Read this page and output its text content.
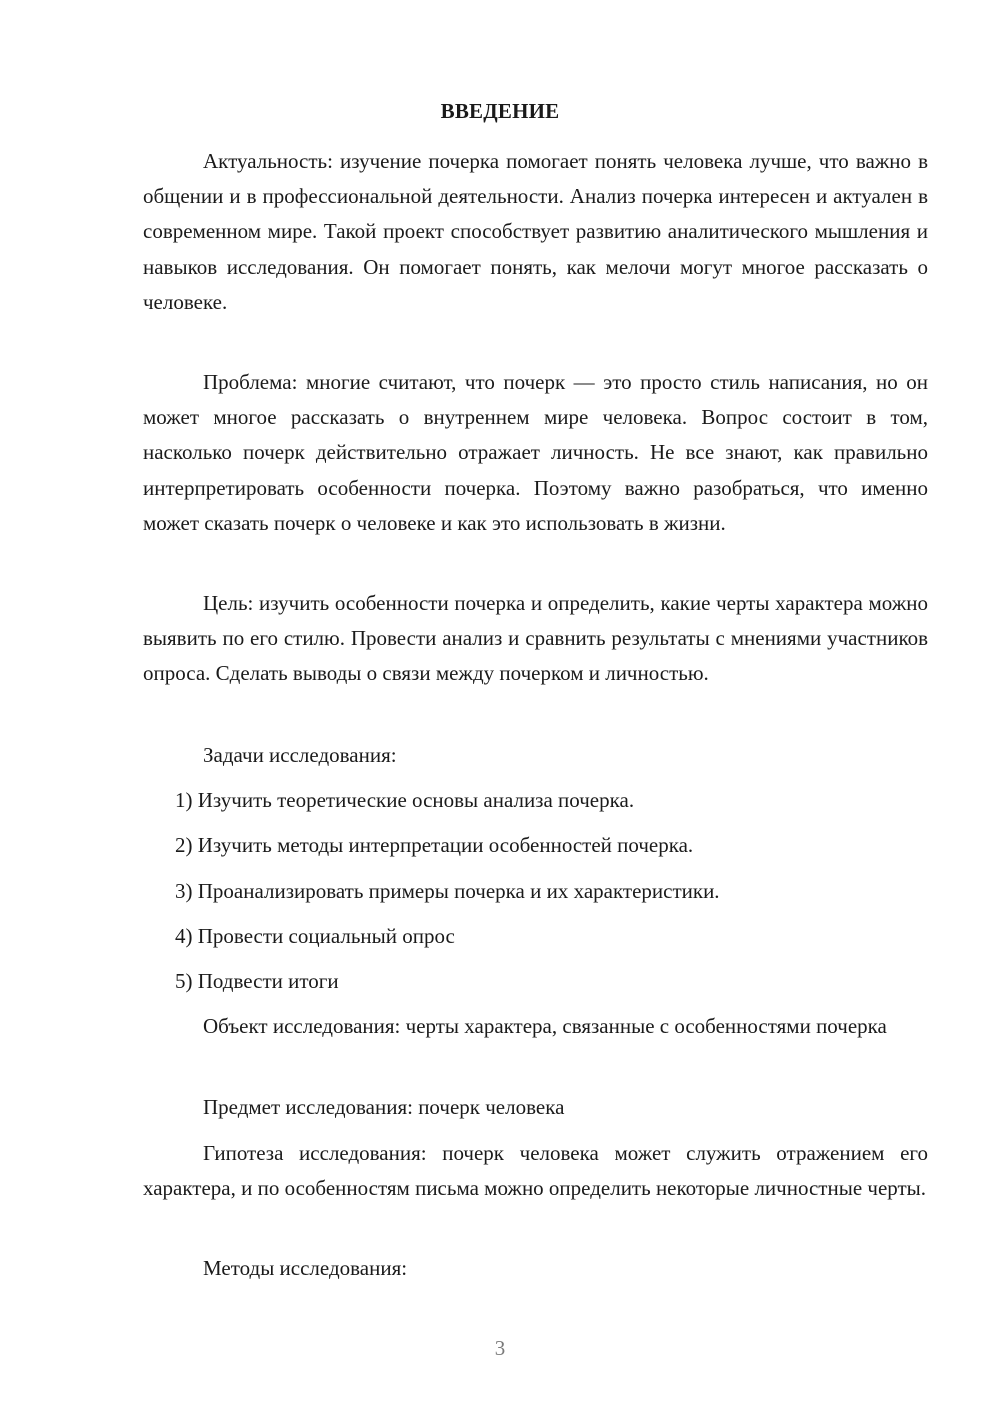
ВВЕДЕНИЕ

Актуальность: изучение почерка помогает понять человека лучше, что важно в общении и в профессиональной деятельности. Анализ почерка интересен и актуален в современном мире. Такой проект способствует развитию аналитического мышления и навыков исследования. Он помогает понять, как мелочи могут многое рассказать о человеке.

Проблема: многие считают, что почерк — это просто стиль написания, но он может многое рассказать о внутреннем мире человека. Вопрос состоит в том, насколько почерк действительно отражает личность. Не все знают, как правильно интерпретировать особенности почерка. Поэтому важно разобраться, что именно может сказать почерк о человеке и как это использовать в жизни.

Цель: изучить особенности почерка и определить, какие черты характера можно выявить по его стилю. Провести анализ и сравнить результаты с мнениями участников опроса. Сделать выводы о связи между почерком и личностью.

Задачи исследования:

1) Изучить теоретические основы анализа почерка.

2) Изучить методы интерпретации особенностей почерка.

3) Проанализировать примеры почерка и их характеристики.

4) Провести социальный опрос

5) Подвести итоги

Объект исследования: черты характера, связанные с особенностями почерка

Предмет исследования: почерк человека

Гипотеза исследования: почерк человека может служить отражением его характера, и по особенностям письма можно определить некоторые личностные черты.

Методы исследования:

3
